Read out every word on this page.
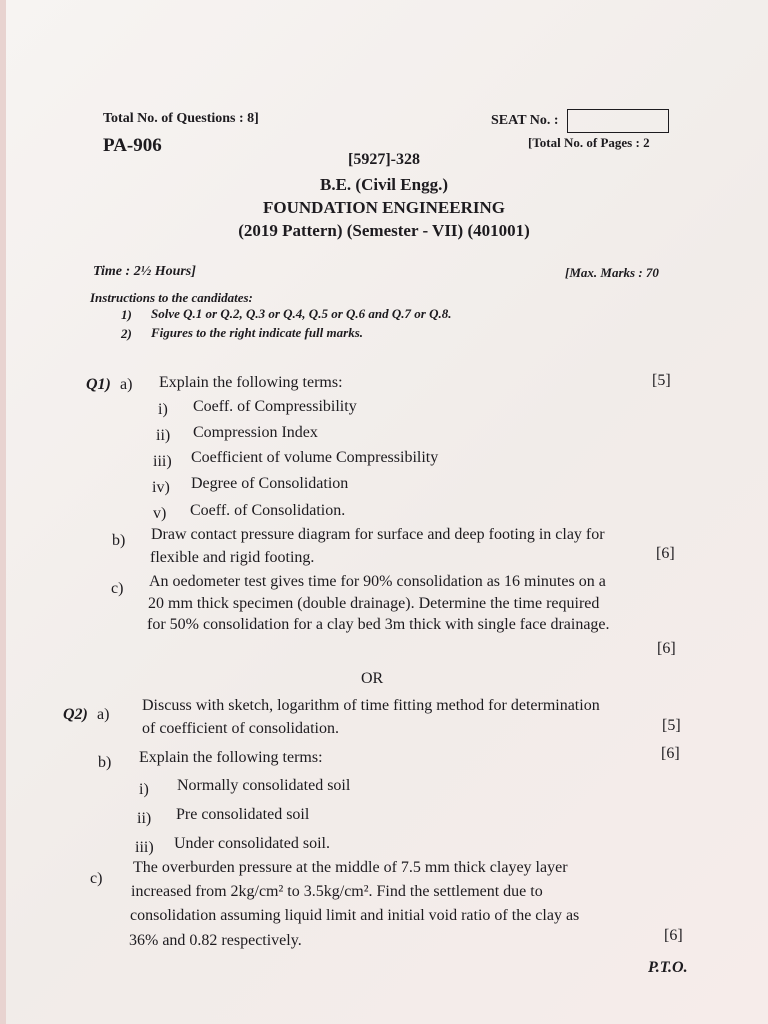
Total No. of Questions : 8]	SEAT No. :
PA-906	[Total No. of Pages : 2
[5927]-328
B.E. (Civil Engg.)
FOUNDATION ENGINEERING
(2019 Pattern) (Semester - VII) (401001)
Time : 2½ Hours]	[Max. Marks : 70
Instructions to the candidates:
1) Solve Q.1 or Q.2, Q.3 or Q.4, Q.5 or Q.6 and Q.7 or Q.8.
2) Figures to the right indicate full marks.
Q1) a) Explain the following terms:	[5]
i) Coeff. of Compressibility
ii) Compression Index
iii) Coefficient of volume Compressibility
iv) Degree of Consolidation
v) Coeff. of Consolidation.
b) Draw contact pressure diagram for surface and deep footing in clay for
flexible and rigid footing.	[6]
c) An oedometer test gives time for 90% consolidation as 16 minutes on a
20 mm thick specimen (double drainage). Determine the time required
for 50% consolidation for a clay bed 3m thick with single face drainage.
[6]
OR
Q2) a)
Discuss with sketch, logarithm of time fitting method for determination
of coefficient of consolidation.	[5]
b) Explain the following terms:	[6]
i) Normally consolidated soil
ii) Pre consolidated soil
iii) Under consolidated soil.
c)
The overburden pressure at the middle of 7.5 mm thick clayey layer
increased from 2kg/cm² to 3.5kg/cm². Find the settlement due to
consolidation assuming liquid limit and initial void ratio of the clay as
36% and 0.82 respectively.	[6]
P.T.O.
